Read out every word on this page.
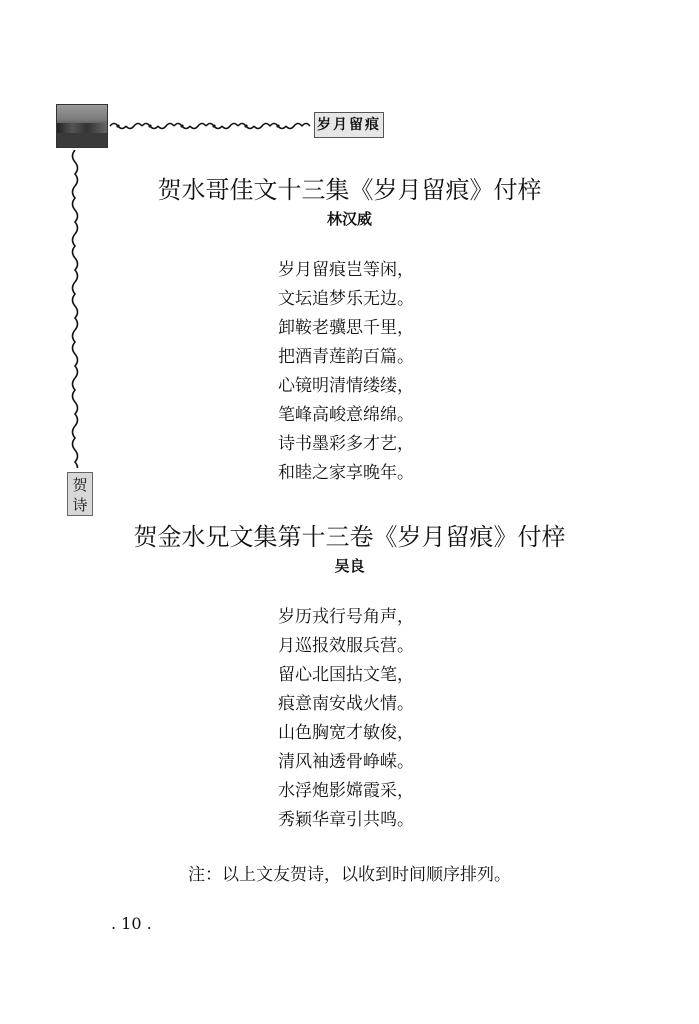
岁月留痕
贺
诗
贺水哥佳文十三集《岁月留痕》付梓
林汉威
岁月留痕岂等闲，
文坛追梦乐无边。
卸鞍老骥思千里，
把酒青莲韵百篇。
心镜明清情缕缕，
笔峰高峻意绵绵。
诗书墨彩多才艺，
和睦之家享晚年。
贺金水兄文集第十三卷《岁月留痕》付梓
吴良
岁历戎行号角声，
月巡报效服兵营。
留心北国拈文笔，
痕意南安战火情。
山色胸宽才敏俊，
清风袖透骨峥嵘。
水浮炮影嫦霞采，
秀颖华章引共鸣。
注：以上文友贺诗，以收到时间顺序排列。
. 10 .
